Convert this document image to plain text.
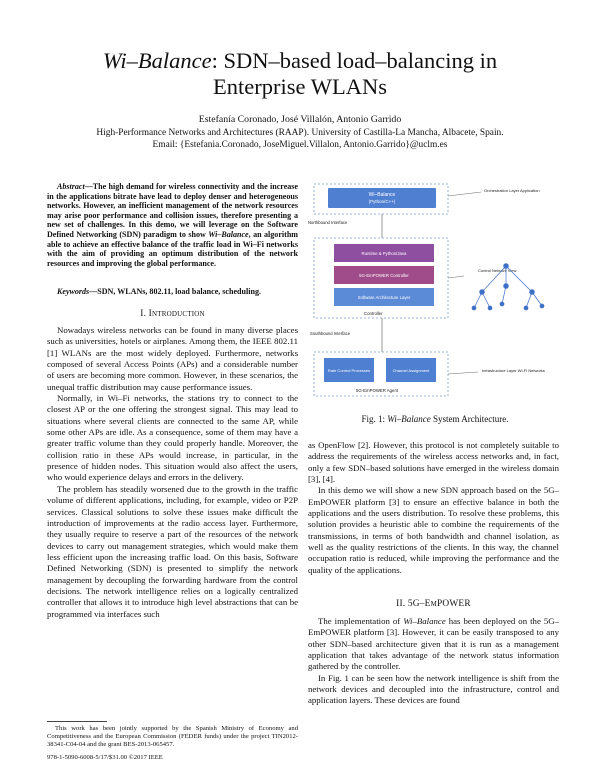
Wi–Balance: SDN–based load–balancing in
Enterprise WLANs
Estefanía Coronado, José Villalón, Antonio Garrido
High-Performance Networks and Architectures (RAAP). University of Castilla-La Mancha, Albacete, Spain.
Email: {Estefania.Coronado, JoseMiguel.Villalon, Antonio.Garrido}@uclm.es
Abstract—The high demand for wireless connectivity and the increase in the applications bitrate have lead to deploy denser and heterogeneous networks. However, an inefficient management of the network resources may arise poor performance and collision issues, therefore presenting a new set of challenges. In this demo, we will leverage on the Software Defined Networking (SDN) paradigm to show Wi–Balance, an algorithm able to achieve an effective balance of the traffic load in Wi–Fi networks with the aim of providing an optimum distribution of the network resources and improving the global performance.
Keywords—SDN, WLANs, 802.11, load balance, scheduling.
I. Introduction

Nowadays wireless networks can be found in many diverse places such as universities, hotels or airplanes. Among them, the IEEE 802.11 [1] WLANs are the most widely deployed. Furthermore, networks composed of several Access Points (APs) and a considerable number of users are becoming more common. However, in these scenarios, the unequal traffic distribution may cause performance issues.

Normally, in Wi–Fi networks, the stations try to connect to the closest AP or the one offering the strongest signal. This may lead to situations where several clients are connected to the same AP, while some other APs are idle. As a consequence, some of them may have a greater traffic volume than they could properly handle. Moreover, the collision ratio in these APs would increase, in particular, in the presence of hidden nodes. This situation would also affect the users, who would experience delays and errors in the delivery.

The problem has steadily worsened due to the growth in the traffic volume of different applications, including, for example, video or P2P services. Classical solutions to solve these issues make difficult the introduction of improvements at the radio access layer. Furthermore, they usually require to reserve a part of the resources of the network devices to carry out management strategies, which would make them less efficient upon the increasing traffic load. On this basis, Software Defined Networking (SDN) is presented to simplify the network management by decoupling the forwarding hardware from the control decisions. The network intelligence relies on a logically centralized controller that allows it to introduce high level abstractions that can be programmed via interfaces such

This work has been jointly supported by the Spanish Ministry of Economy and Competitiveness and the European Commission (FEDER funds) under the project TIN2012-38341-C04-04 and the grant BES-2013-065457.
978-1-5090-6008-5/17/$31.00 ©2017 IEEE
Wi–Balance
(Python/C++)
Orchestration Layer Application
Northbound Interface
Runtime & Python/Java
5G-EmPOWER Controller
Software Architecture Layer
Controller
Control Network View
Southbound Interface
Rate Control Processes	Channel Assignment
5G-EmPOWER Agent
Infrastructure Layer Wi-Fi Networks
Fig. 1: Wi–Balance System Architecture.

as OpenFlow [2]. However, this protocol is not completely suitable to address the requirements of the wireless access networks and, in fact, only a few SDN–based solutions have emerged in the wireless domain [3], [4].

In this demo we will show a new SDN approach based on the 5G–EmPOWER platform [3] to ensure an effective balance in both the applications and the users distribution. To resolve these problems, this solution provides a heuristic able to combine the requirements of the transmissions, in terms of both bandwidth and channel isolation, as well as the quality restrictions of the clients. In this way, the channel occupation ratio is reduced, while improving the performance and the quality of the applications.

II. 5G–EmPOWER

The implementation of Wi–Balance has been deployed on the 5G–EmPOWER platform [3]. However, it can be easily transposed to any other SDN–based architecture given that it is run as a management application that takes advantage of the network status information gathered by the controller.

In Fig. 1 can be seen how the network intelligence is shift from the network devices and decoupled into the infrastructure, control and application layers. These devices are found
